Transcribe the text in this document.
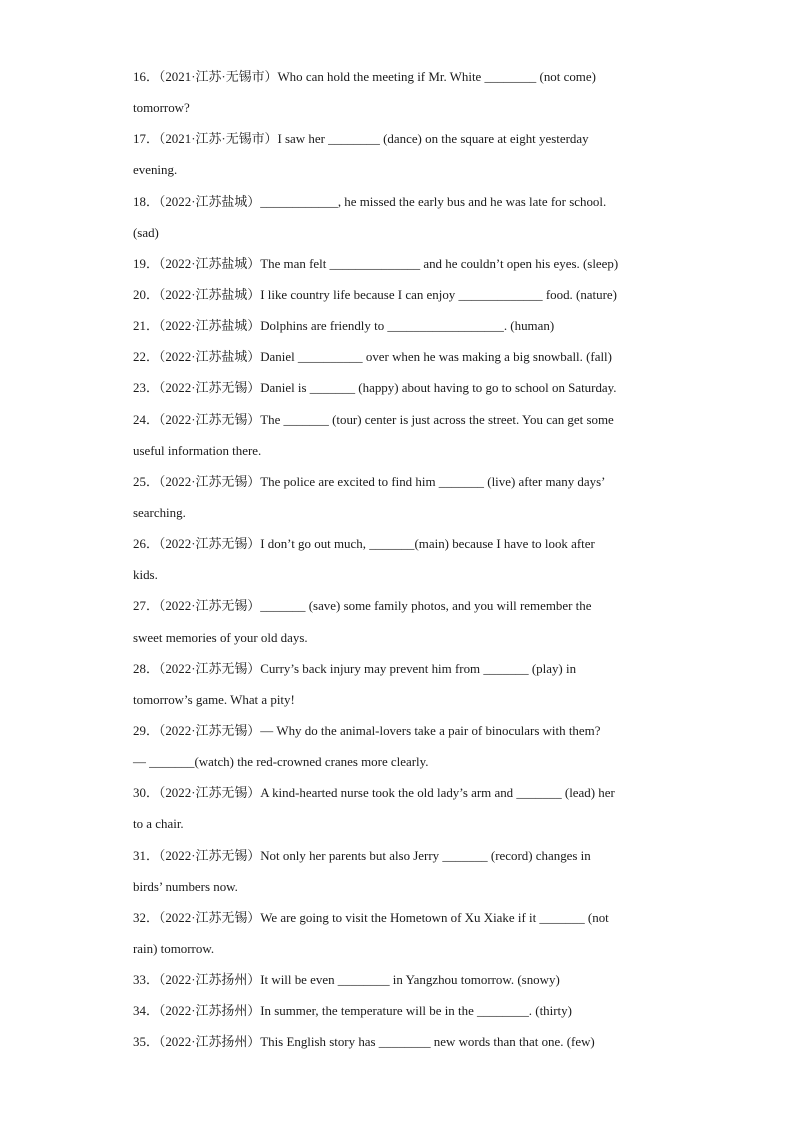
16．（2021·江苏·无锡市）Who can hold the meeting if Mr. White ________ (not come)
tomorrow?
17．（2021·江苏·无锡市）I saw her ________ (dance) on the square at eight yesterday
evening.
18．（2022·江苏盐城）____________, he missed the early bus and he was late for school.
(sad)
19．（2022·江苏盐城）The man felt ______________ and he couldn’t open his eyes. (sleep)
20．（2022·江苏盐城）I like country life because I can enjoy _____________ food. (nature)
21．（2022·江苏盐城）Dolphins are friendly to __________________. (human)
22．（2022·江苏盐城）Daniel __________ over when he was making a big snowball. (fall)
23．（2022·江苏无锡）Daniel is _______ (happy) about having to go to school on Saturday.
24．（2022·江苏无锡）The _______ (tour) center is just across the street. You can get some
useful information there.
25．（2022·江苏无锡）The police are excited to find him _______ (live) after many days’
searching.
26．（2022·江苏无锡）I don’t go out much, _______(main) because I have to look after
kids.
27．（2022·江苏无锡）_______ (save) some family photos, and you will remember the
sweet memories of your old days.
28．（2022·江苏无锡）Curry’s back injury may prevent him from _______ (play) in
tomorrow’s game. What a pity!
29．（2022·江苏无锡）— Why do the animal-lovers take a pair of binoculars with them?
— _______(watch) the red-crowned cranes more clearly.
30．（2022·江苏无锡）A kind-hearted nurse took the old lady’s arm and _______ (lead) her
to a chair.
31．（2022·江苏无锡）Not only her parents but also Jerry _______ (record) changes in
birds’ numbers now.
32．（2022·江苏无锡）We are going to visit the Hometown of Xu Xiake if it _______ (not
rain) tomorrow.
33．（2022·江苏扬州）It will be even ________ in Yangzhou tomorrow. (snowy)
34．（2022·江苏扬州）In summer, the temperature will be in the ________. (thirty)
35．（2022·江苏扬州）This English story has ________ new words than that one. (few)
